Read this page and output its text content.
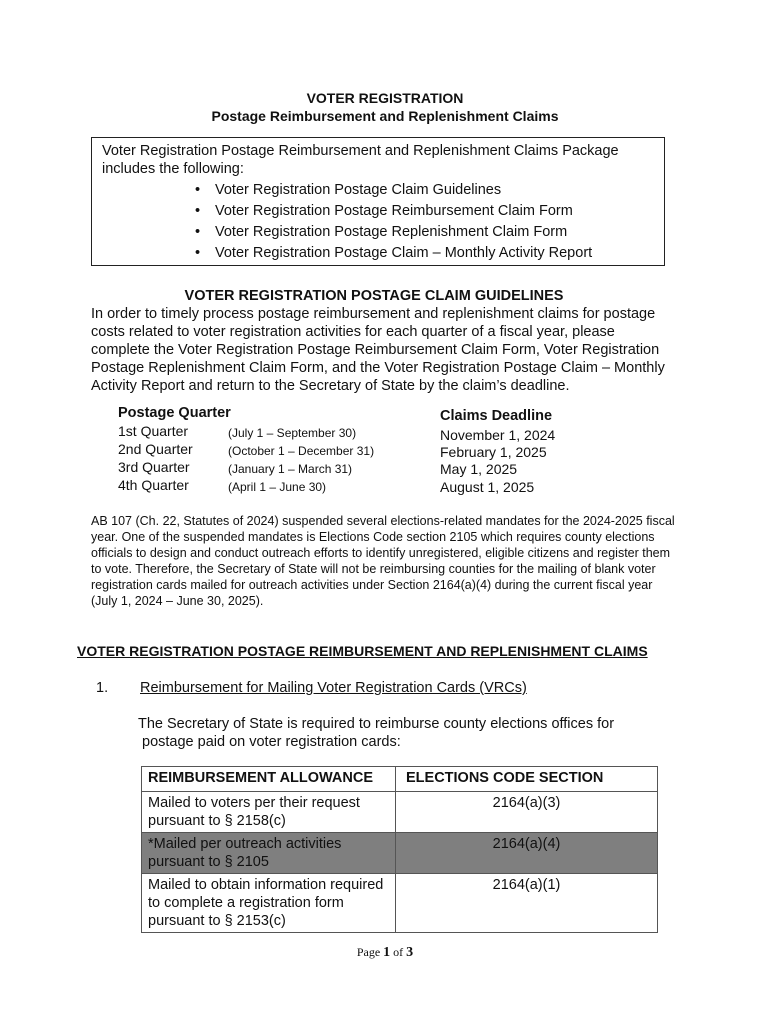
VOTER REGISTRATION
Postage Reimbursement and Replenishment Claims
Voter Registration Postage Reimbursement and Replenishment Claims Package includes the following:
• Voter Registration Postage Claim Guidelines
• Voter Registration Postage Reimbursement Claim Form
• Voter Registration Postage Replenishment Claim Form
• Voter Registration Postage Claim – Monthly Activity Report
VOTER REGISTRATION POSTAGE CLAIM GUIDELINES
In order to timely process postage reimbursement and replenishment claims for postage costs related to voter registration activities for each quarter of a fiscal year, please complete the Voter Registration Postage Reimbursement Claim Form, Voter Registration Postage Replenishment Claim Form, and the Voter Registration Postage Claim – Monthly Activity Report and return to the Secretary of State by the claim’s deadline.
Postage Quarter	Claims Deadline
1st Quarter	(July 1 – September 30)	November 1, 2024
2nd Quarter	(October 1 – December 31)	February 1, 2025
3rd Quarter	(January 1 – March 31)	May 1, 2025
4th Quarter	(April 1 – June 30)	August 1, 2025
AB 107 (Ch. 22, Statutes of 2024) suspended several elections-related mandates for the 2024-2025 fiscal year. One of the suspended mandates is Elections Code section 2105 which requires county elections officials to design and conduct outreach efforts to identify unregistered, eligible citizens and register them to vote. Therefore, the Secretary of State will not be reimbursing counties for the mailing of blank voter registration cards mailed for outreach activities under Section 2164(a)(4) during the current fiscal year (July 1, 2024 – June 30, 2025).
VOTER REGISTRATION POSTAGE REIMBURSEMENT AND REPLENISHMENT CLAIMS
1. Reimbursement for Mailing Voter Registration Cards (VRCs)
The Secretary of State is required to reimburse county elections offices for
postage paid on voter registration cards:
REIMBURSEMENT ALLOWANCE	ELECTIONS CODE SECTION
Mailed to voters per their request pursuant to § 2158(c)	2164(a)(3)
*Mailed per outreach activities pursuant to § 2105	2164(a)(4)
Mailed to obtain information required to complete a registration form pursuant to § 2153(c)	2164(a)(1)
Page 1 of 3
